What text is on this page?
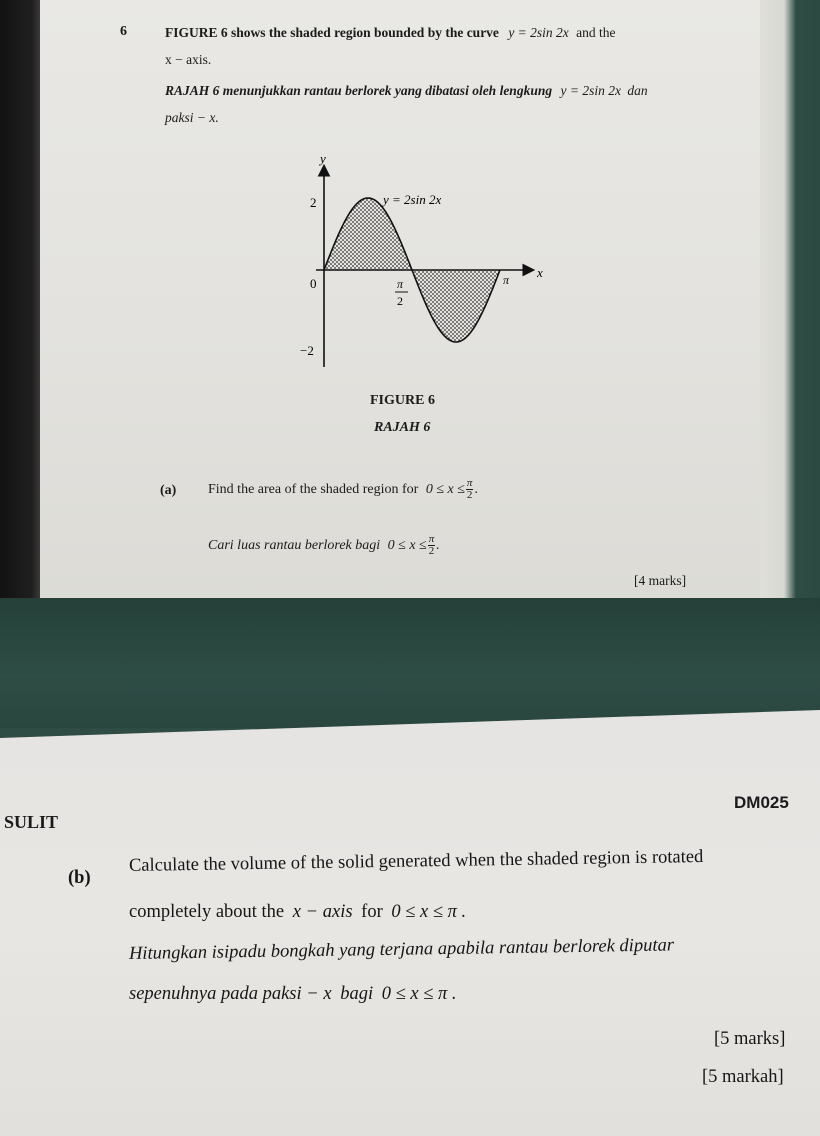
6	FIGURE 6 shows the shaded region bounded by the curve y = 2sin 2x and the
x − axis.
RAJAH 6 menunjukkan rantau berlorek yang dibatasi oleh lengkung y = 2sin 2x dan
paksi − x.
y
x
2
−2
0	π
2
π
y = 2sin 2x
FIGURE 6
RAJAH 6
(a) Find the area of the shaded region for $0 \le x \le \frac{\pi}{2}$ .
Cari luas rantau berlorek bagi $0 \le x \le \frac{\pi}{2}$ .
[4 marks]
DM025
SULIT
(b)
Calculate the volume of the solid generated when the shaded region is rotated
completely about the x − axis for 0 ≤ x ≤ π .
Hitungkan isipadu bongkah yang terjana apabila rantau berlorek diputar
sepenuhnya pada paksi − x bagi 0 ≤ x ≤ π .
[5 marks]
[5 markah]
